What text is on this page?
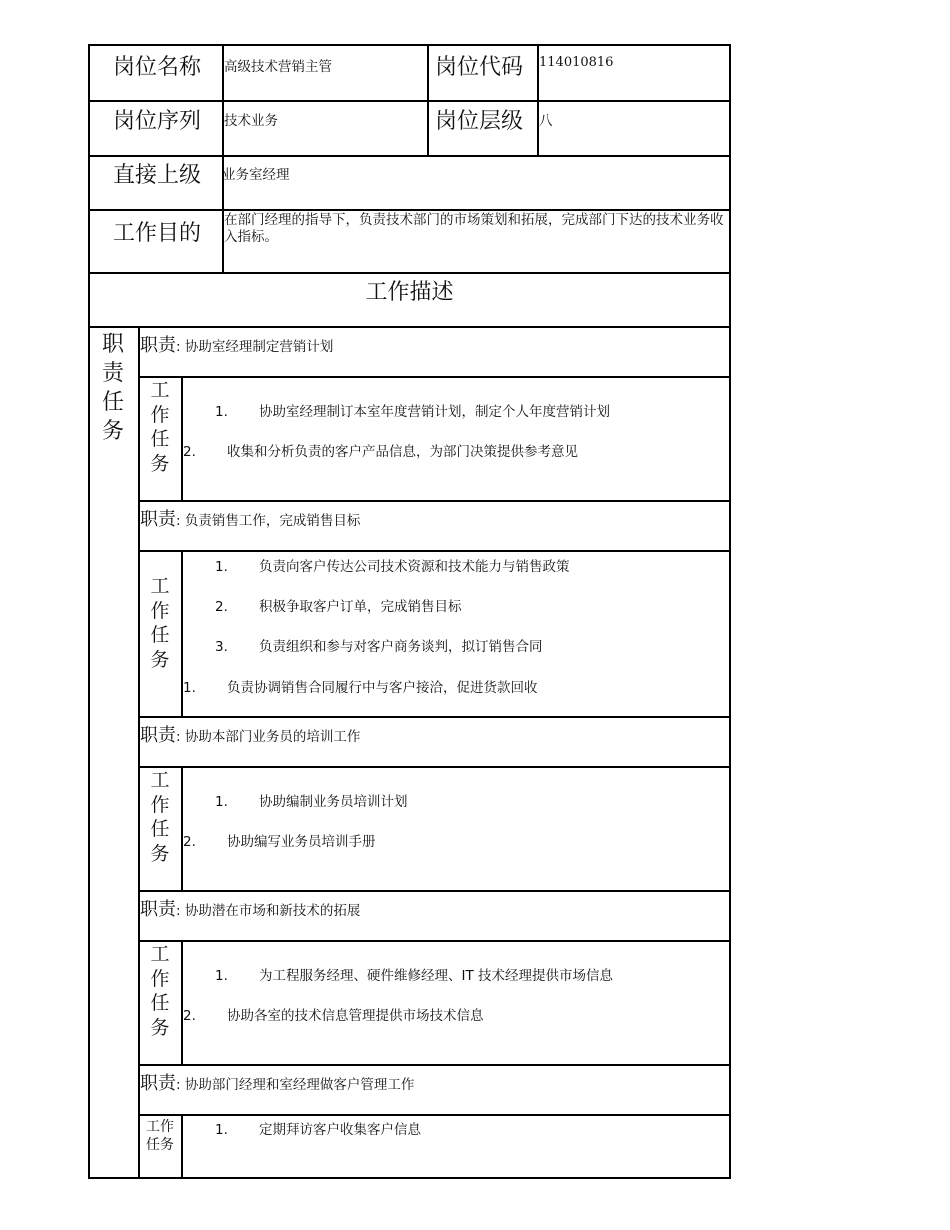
岗位名称 高级技术营销主管	岗位代码 114010816
岗位序列 技术业务	岗位层级 八
直接上级 业务室经理
工作目的
在部门经理的指导下，负责技术部门的市场策划和拓展，完成部门下达的技术业务收入指标。
工作描述
职
责
任
务
职责: 协助室经理制定营销计划
工
作
任
务
1. 协助室经理制订本室年度营销计划，制定个人年度营销计划
2. 收集和分析负责的客户产品信息，为部门决策提供参考意见
职责: 负责销售工作，完成销售目标
工
作
任
务
1. 负责向客户传达公司技术资源和技术能力与销售政策
2. 积极争取客户订单，完成销售目标
3. 负责组织和参与对客户商务谈判，拟订销售合同
1. 负责协调销售合同履行中与客户接洽，促进货款回收
职责: 协助本部门业务员的培训工作
工
作
任
务
1. 协助编制业务员培训计划
2. 协助编写业务员培训手册
职责: 协助潜在市场和新技术的拓展
工
作
任
务
1. 为工程服务经理、硬件维修经理、IT 技术经理提供市场信息
2. 协助各室的技术信息管理提供市场技术信息
职责: 协助部门经理和室经理做客户管理工作
工作
任务
1. 定期拜访客户收集客户信息
